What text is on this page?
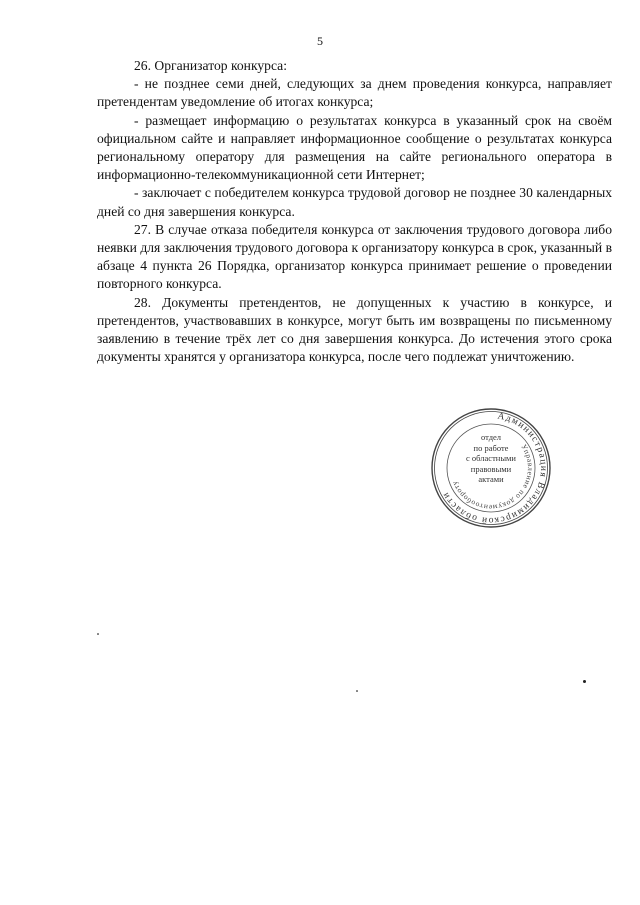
5

26. Организатор конкурса:

- не позднее семи дней, следующих за днем проведения конкурса, направляет претендентам уведомление об итогах конкурса;

- размещает информацию о результатах конкурса в указанный срок на своём официальном сайте и направляет информационное сообщение о результатах конкурса региональному оператору для размещения на сайте регионального оператора в информационно-телекоммуникационной сети Интернет;

- заключает с победителем конкурса трудовой договор не позднее 30 календарных дней со дня завершения конкурса.

27. В случае отказа победителя конкурса от заключения трудового договора либо неявки для заключения трудового договора к организатору конкурса в срок, указанный в абзаце 4 пункта 26 Порядка, организатор конкурса принимает решение о проведении повторного конкурса.

28. Документы претендентов, не допущенных к участию в конкурсе, и претендентов, участвовавших в конкурсе, могут быть им возвращены по письменному заявлению в течение трёх лет со дня завершения конкурса. До истечения этого срока документы хранятся у организатора конкурса, после чего подлежат уничтожению.

Администрация Владимирской области
Управление по документообороту
отдел
по работе
с областными
правовыми
актами
